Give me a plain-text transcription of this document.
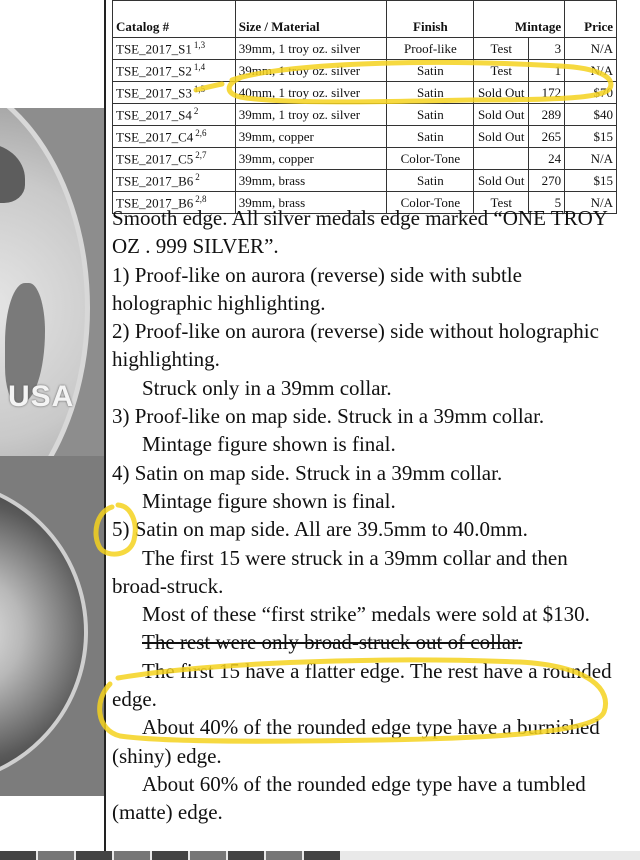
USA
Catalog #	Size / Material	Finish	Mintage		Price
TSE_2017_S1 $^{1,3}$	39mm, 1 troy oz. silver	Proof-like	Test	3	N/A
TSE_2017_S2 $^{1,4}$	39mm, 1 troy oz. silver	Satin	Test	1	N/A
TSE_2017_S3 $^{1,5}$	40mm, 1 troy oz. silver	Satin	Sold Out	172	$70
TSE_2017_S4 $^2$	39mm, 1 troy oz. silver	Satin	Sold Out	289	$40
TSE_2017_C4 $^{2,6}$	39mm, copper	Satin	Sold Out	265	$15
TSE_2017_C5 $^{2,7}$	39mm, copper	Color-Tone		24	N/A
TSE_2017_B6 $^2$	39mm, brass	Satin	Sold Out	270	$15
TSE_2017_B6 $^{2,8}$	39mm, brass	Color-Tone	Test	5	N/A

Smooth edge. All silver medals edge marked “ONE TROY OZ . 999 SILVER”.

1) Proof-like on aurora (reverse) side with subtle holographic highlighting.

2) Proof-like on aurora (reverse) side without holographic highlighting.

Struck only in a 39mm collar.

3) Proof-like on map side. Struck in a 39mm collar.

Mintage figure shown is final.

4) Satin on map side. Struck in a 39mm collar.

Mintage figure shown is final.

5) Satin on map side. All are 39.5mm to 40.0mm.

The first 15 were struck in a 39mm collar and then broad-struck.

Most of these “first strike” medals were sold at $130.

The rest were only broad-struck out of collar.

The first 15 have a flatter edge. The rest have a rounded edge.

About 40% of the rounded edge type have a burnished (shiny) edge.

About 60% of the rounded edge type have a tumbled (matte) edge.
